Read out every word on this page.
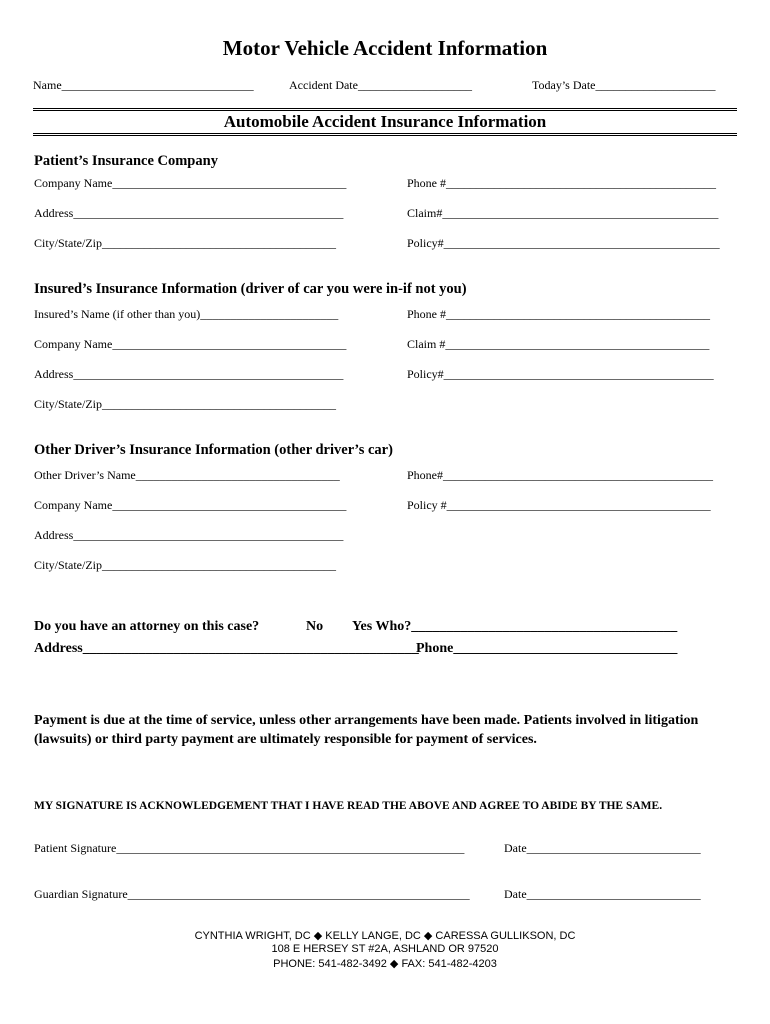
Motor Vehicle Accident Information
Name________________________________	Accident Date___________________	Today’s Date____________________
Automobile Accident Insurance Information
Patient’s Insurance Company
Company Name_______________________________________	Phone #_____________________________________________
Address_____________________________________________	Claim#______________________________________________
City/State/Zip_______________________________________	Policy#______________________________________________
Insured’s Insurance Information (driver of car you were in-if not you)
Insured’s Name (if other than you)_______________________	Phone #____________________________________________
Company Name_______________________________________	Claim #____________________________________________
Address_____________________________________________	Policy#_____________________________________________
City/State/Zip_______________________________________
Other Driver’s Insurance Information (other driver’s car)
Other Driver’s Name__________________________________	Phone#_____________________________________________
Company Name_______________________________________	Policy #____________________________________________
Address_____________________________________________
City/State/Zip_______________________________________
Do you have an attorney on this case?	No Yes Who?______________________________________
Address________________________________________________
Phone________________________________
Payment is due at the time of service, unless other arrangements have been made. Patients involved in litigation (lawsuits) or third party payment are ultimately responsible for payment of services.
MY SIGNATURE IS ACKNOWLEDGEMENT THAT I HAVE READ THE ABOVE AND AGREE TO ABIDE BY THE SAME.
Patient Signature__________________________________________________________	Date_____________________________
Guardian Signature_________________________________________________________	Date_____________________________
CYNTHIA WRIGHT, DC ◆ KELLY LANGE, DC ◆ CARESSA GULLIKSON, DC
108 E HERSEY ST #2A, ASHLAND OR 97520
PHONE: 541-482-3492 ◆ FAX: 541-482-4203
